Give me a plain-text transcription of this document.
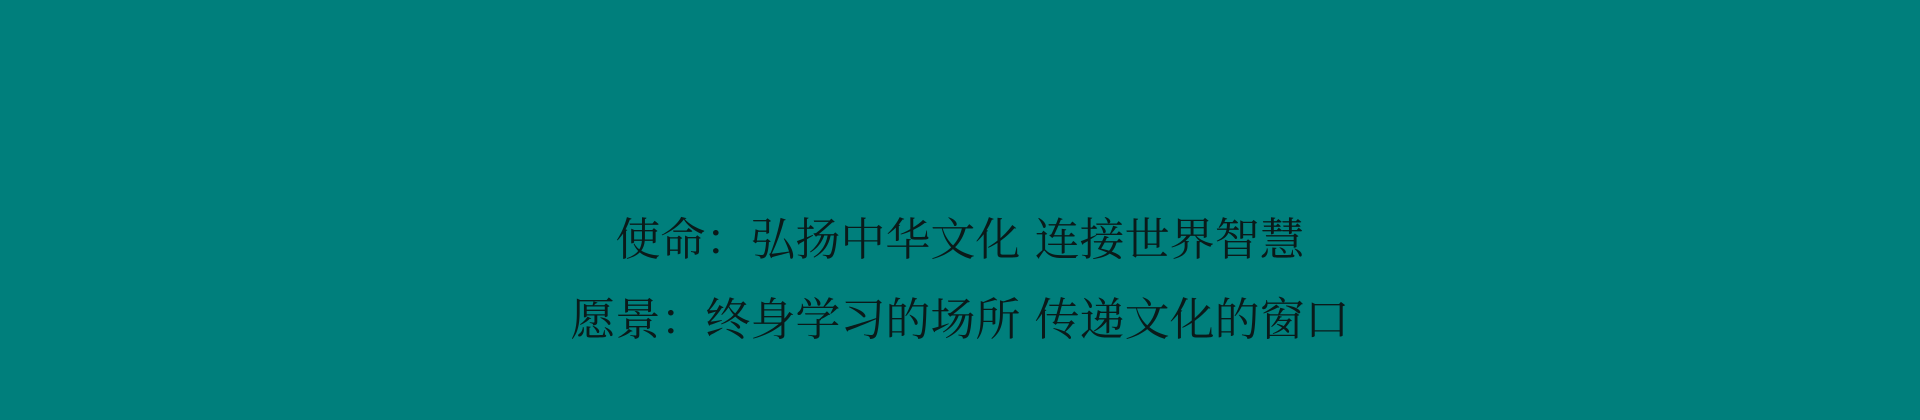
使命：弘扬中华文化 连接世界智慧
愿景：终身学习的场所 传递文化的窗口
